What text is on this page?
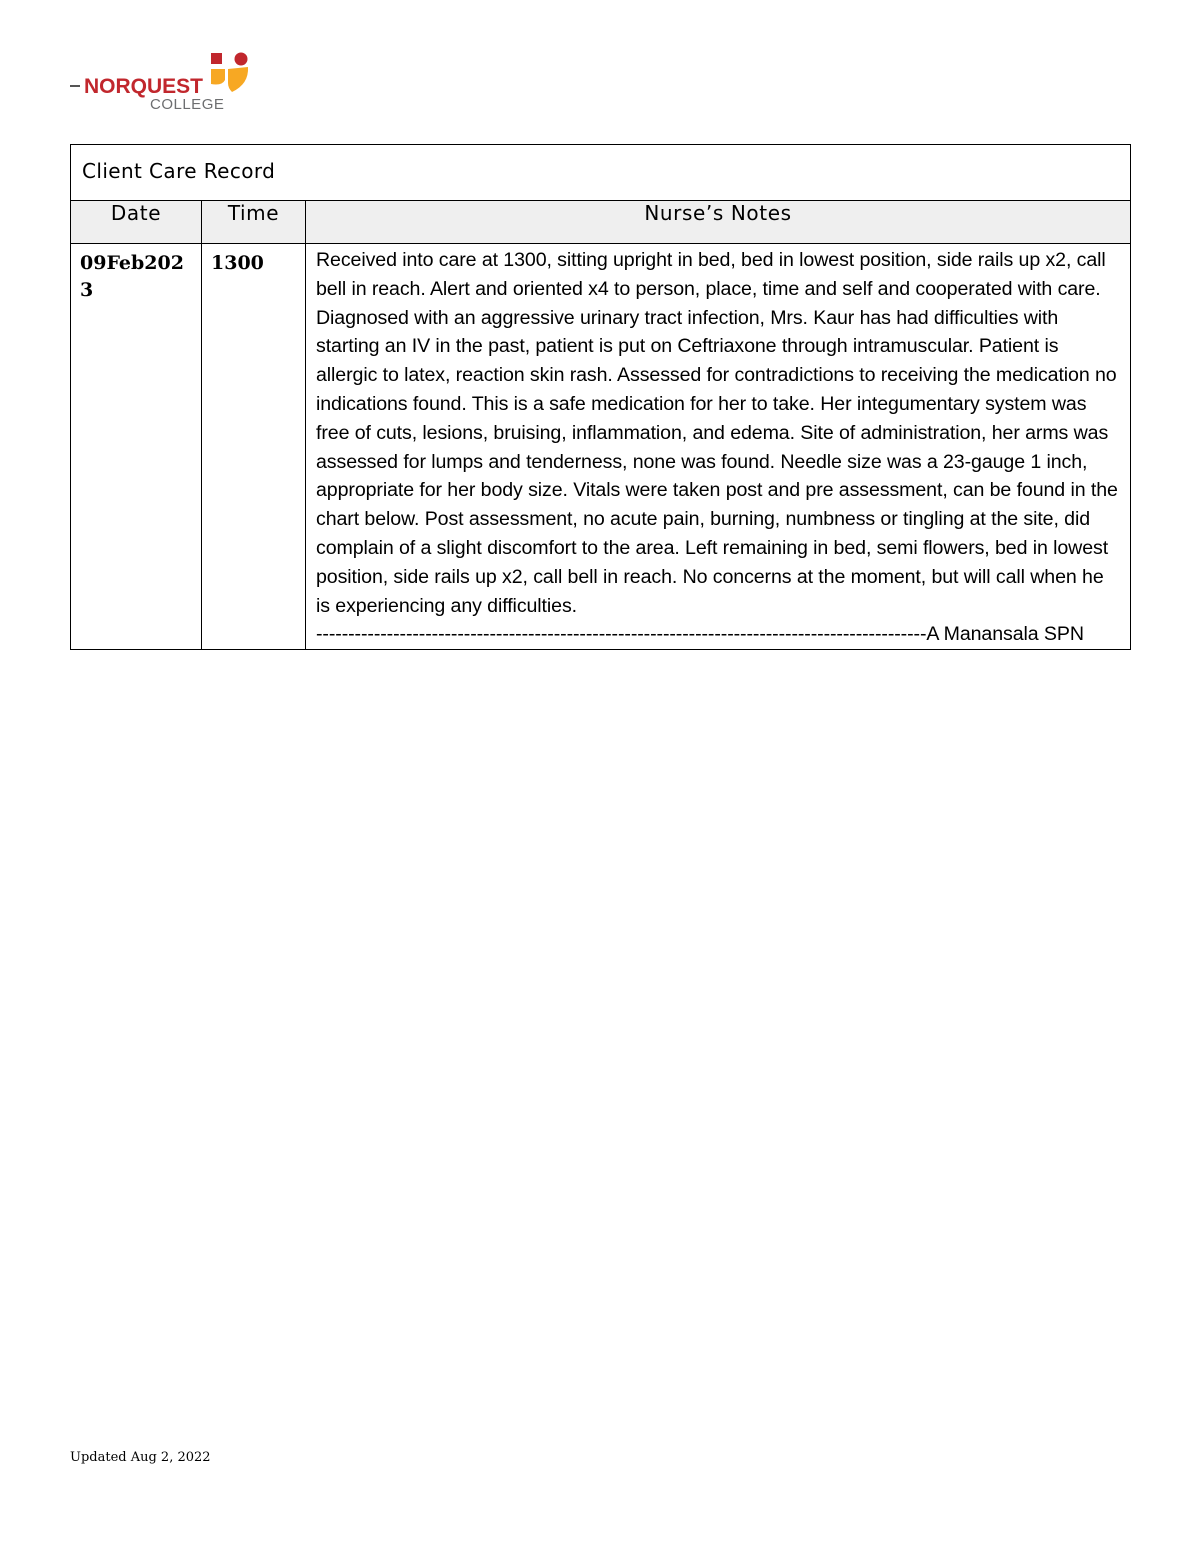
NORQUEST
COLLEGE
Client Care Record		
Date	Time	Nurse’s Notes
09Feb2023	1300	Received into care at 1300, sitting upright in bed, bed in lowest position, side rails up x2, call bell in reach. Alert and oriented x4 to person, place, time and self and cooperated with care. Diagnosed with an aggressive urinary tract infection, Mrs. Kaur has had difficulties with starting an IV in the past, patient is put on Ceftriaxone through intramuscular. Patient is allergic to latex, reaction skin rash. Assessed for contradictions to receiving the medication no indications found. This is a safe medication for her to take. Her integumentary system was free of cuts, lesions, bruising, inflammation, and edema. Site of administration, her arms was assessed for lumps and tenderness, none was found. Needle size was a 23-gauge 1 inch, appropriate for her body size. Vitals were taken post and pre assessment, can be found in the chart below. Post assessment, no acute pain, burning, numbness or tingling at the site, did complain of a slight discomfort to the area. Left remaining in bed, semi flowers, bed in lowest position, side rails up x2, call bell in reach. No concerns at the moment, but will call when he is experiencing any difficulties.
-----------------------------------------------------------------------------------------------A Manansala SPN
Updated Aug 2, 2022
